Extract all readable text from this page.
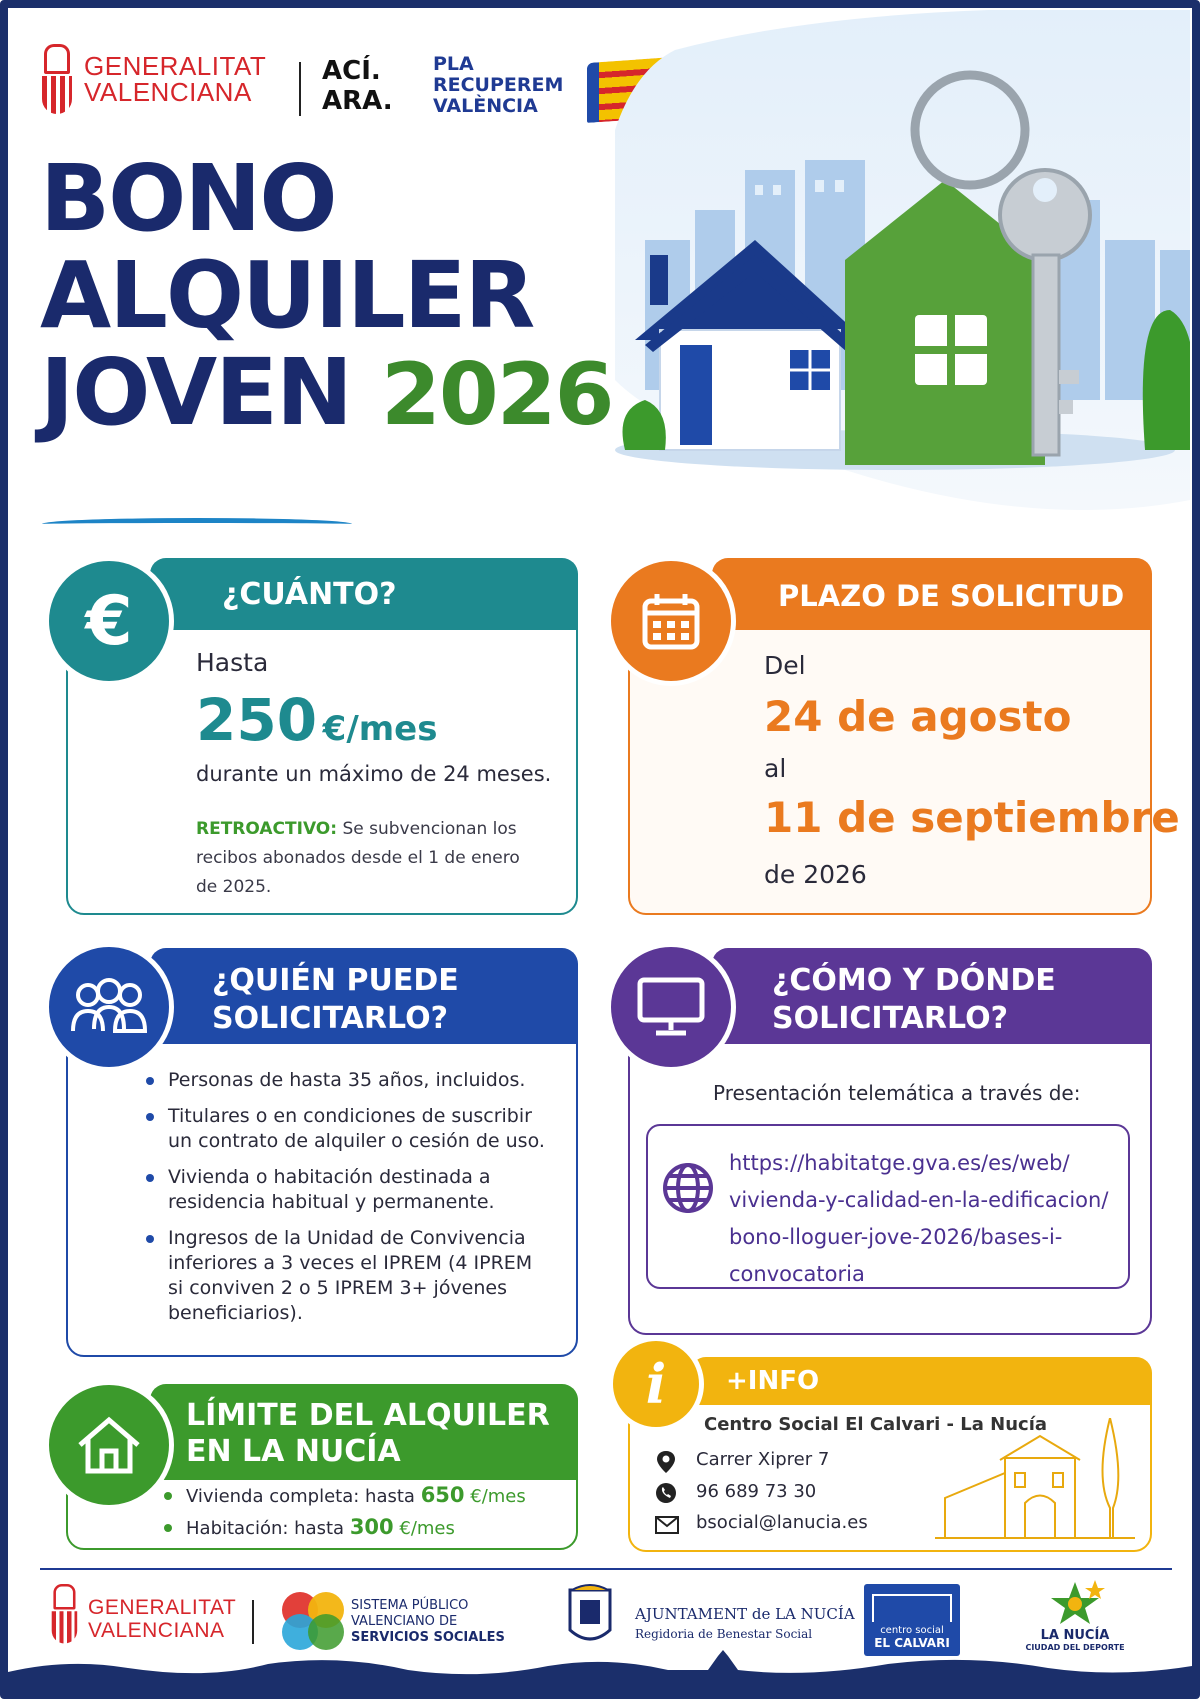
GENERALITAT
VALENCIANA
ACÍ.
ARA.
PLA
RECUPEREM
VALÈNCIA
BONO
ALQUILER
JOVEN 2026
¿CUÁNTO?
€
Hasta
250 €/mes
durante un máximo de 24 meses.
RETROACTIVO: Se subvencionan los
recibos abonados desde el 1 de enero
de 2025.
PLAZO DE SOLICITUD
Del
24 de agosto
al
11 de septiembre
de 2026
¿QUIÉN PUEDE
SOLICITARLO?
Personas de hasta 35 años, incluidos.
Titulares o en condiciones de suscribir
un contrato de alquiler o cesión de uso.
Vivienda o habitación destinada a
residencia habitual y permanente.
Ingresos de la Unidad de Convivencia
inferiores a 3 veces el IPREM (4 IPREM
si conviven 2 o 5 IPREM 3+ jóvenes
beneficiarios).
¿CÓMO Y DÓNDE
SOLICITARLO?
Presentación telemática a través de:
https://habitatge.gva.es/es/web/
vivienda-y-calidad-en-la-edificacion/
bono-lloguer-jove-2026/bases-i-
convocatoria
LÍMITE DEL ALQUILER
EN LA NUCÍA
Vivienda completa: hasta 650 €/mes
Habitación: hasta 300 €/mes
+INFO
i
Centro Social El Calvari - La Nucía
Carrer Xiprer 7
96 689 73 30
bsocial@lanucia.es
GENERALITAT
VALENCIANA
SISTEMA PÚBLICO
VALENCIANO DE
SERVICIOS SOCIALES
AJUNTAMENT de LA NUCÍA
Regidoria de Benestar Social	centro social
EL CALVARI	LA NUCÍA
CIUDAD DEL DEPORTE
